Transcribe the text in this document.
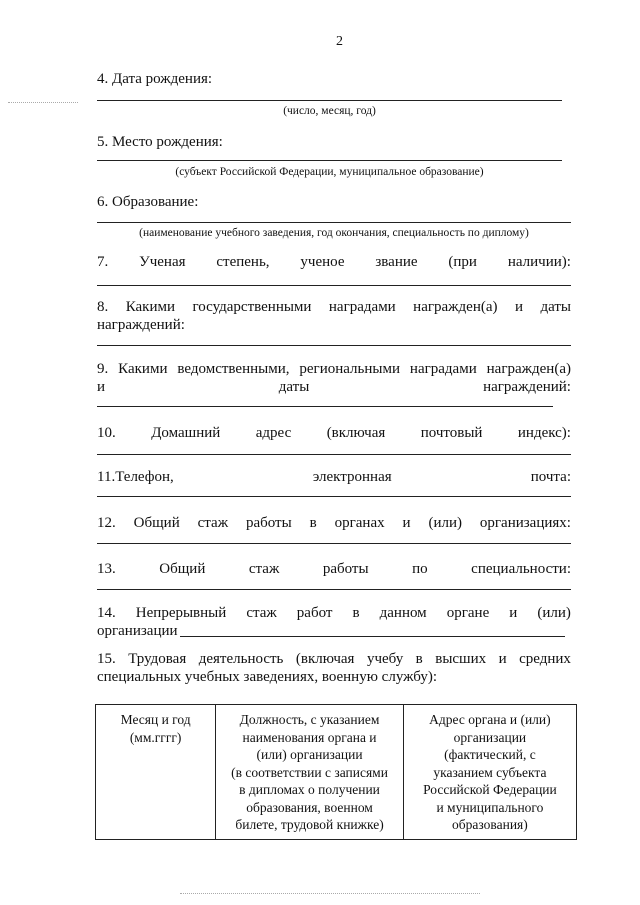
2
4. Дата рождения:
(число, месяц, год)
5. Место рождения:
(субъект Российской Федерации, муниципальное образование)
6. Образование:
(наименование учебного заведения, год окончания, специальность по диплому)
7. Ученая степень, ученое звание (при наличии):
8. Какими государственными наградами награжден(а) и даты
награждений:
9. Какими ведомственными, региональными наградами награжден(а)
и	даты	награждений:
10. Домашний адрес (включая почтовый индекс):
11.Телефон,	электронная	почта:
12. Общий стаж работы в органах и (или) организациях:
13.	Общий	стаж	работы	по	специальности:
14. Непрерывный стаж работ в данном органе и (или)
организации
15. Трудовая деятельность (включая учебу в высших и средних
специальных учебных заведениях, военную службу):
Месяц и год
(мм.гггг)

Должность, с указанием
наименования органа и
(или) организации
(в соответствии с записями
в дипломах о получении
образования, военном
билете, трудовой книжке)

Адрес органа и (или)
организации
(фактический, с
указанием субъекта
Российской Федерации
и муниципального
образования)
